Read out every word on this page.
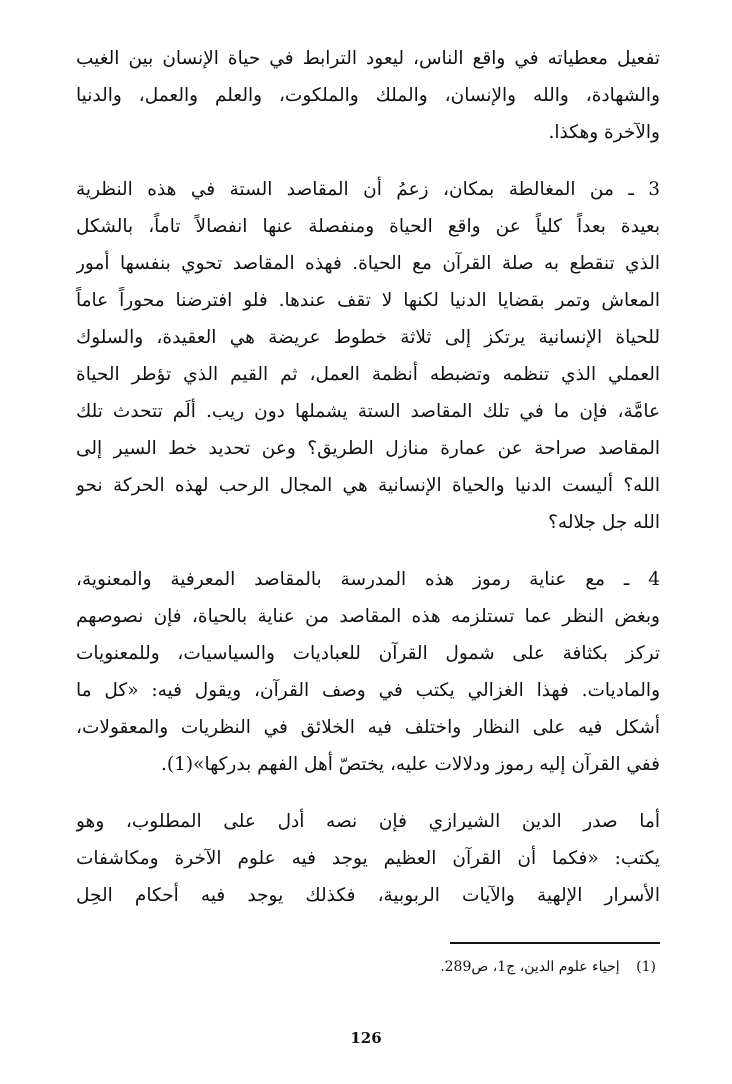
تفعيل معطياته في واقع الناس، ليعود الترابط في حياة الإنسان بين الغيب
والشهادة، والله والإنسان، والملك والملكوت، والعلم والعمل، والدنيا
والآخرة وهكذا.
3 ـ من المغالطة بمكان، زعمُ أن المقاصد الستة في هذه النظرية
بعيدة بعداً كلياً عن واقع الحياة ومنفصلة عنها انفصالاً تاماً، بالشكل
الذي تنقطع به صلة القرآن مع الحياة. فهذه المقاصد تحوي بنفسها أمور
المعاش وتمر بقضايا الدنيا لكنها لا تقف عندها. فلو افترضنا محوراً عاماً
للحياة الإنسانية يرتكز إلى ثلاثة خطوط عريضة هي العقيدة، والسلوك
العملي الذي تنظمه وتضبطه أنظمة العمل، ثم القيم الذي تؤطر الحياة
عامَّة، فإن ما في تلك المقاصد الستة يشملها دون ريب. ألَم تتحدث تلك
المقاصد صراحة عن عمارة منازل الطريق؟ وعن تحديد خط السير إلى
الله؟ أليست الدنيا والحياة الإنسانية هي المجال الرحب لهذه الحركة نحو
الله جل جلاله؟
4 ـ مع عناية رموز هذه المدرسة بالمقاصد المعرفية والمعنوية،
وبغض النظر عما تستلزمه هذه المقاصد من عناية بالحياة، فإن نصوصهم
تركز بكثافة على شمول القرآن للعباديات والسياسيات، وللمعنويات
والماديات. فهذا الغزالي يكتب في وصف القرآن، ويقول فيه: «كل ما
أشكل فيه على النظار واختلف فيه الخلائق في النظريات والمعقولات،
ففي القرآن إليه رموز ودلالات عليه، يختصّ أهل الفهم بدركها»(1).
أما صدر الدين الشيرازي فإن نصه أدل على المطلوب، وهو
يكتب: «فكما أن القرآن العظيم يوجد فيه علوم الآخرة ومكاشفات
الأسرار الإلهية والآيات الربوبية، فكذلك يوجد فيه أحكام الحِل
(1) إحياء علوم الدين، ج1، ص289.
126
